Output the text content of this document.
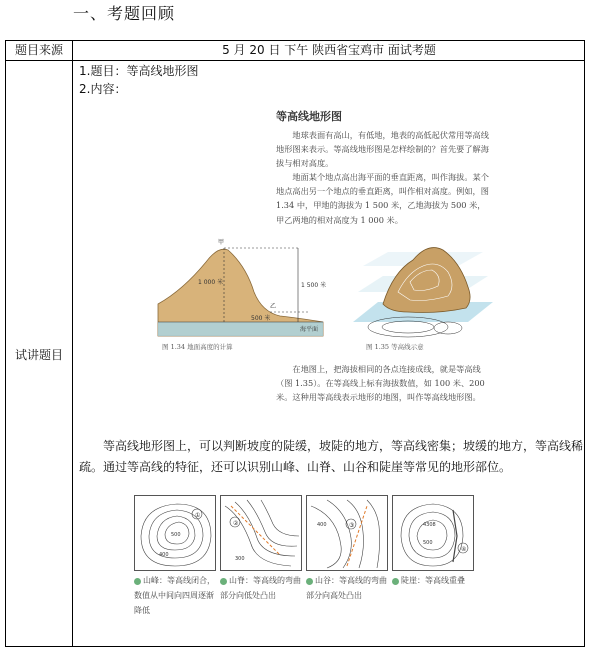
一、考题回顾
题目来源	5 月 20 日 下午 陕西省宝鸡市 面试考题
试讲题目
1.题目：等高线地形图
2.内容：
等高线地形图
地球表面有高山，有低地，地表的高低起伏常用等高线地形图来表示。等高线地形图是怎样绘制的？首先要了解海拔与相对高度。
地面某个地点高出海平面的垂直距离，叫作海拔。某个地点高出另一个地点的垂直距离，叫作相对高度。例如，图 1.34 中，甲地的海拔为 1 500 米，乙地海拔为 500 米，甲乙两地的相对高度为 1 000 米。
甲
乙
1 000 米	1 500 米
500 米
海平面
图 1.34 地面高度的计算	图 1.35 等高线示意
在地图上，把海拔相同的各点连接成线，就是等高线（图 1.35）。在等高线上标有海拔数值，如 100 米、200 米。这种用等高线表示地形的地图，叫作等高线地形图。
等高线地形图上，可以判断坡度的陡缓，坡陡的地方，等高线密集；坡缓的地方，等高线稀疏。通过等高线的特征，还可以识别山峰、山脊、山谷和陡崖等常见的地形部位。
①
500
400
②
300
③
400
④
4308
500
山峰：等高线闭合，数值从中间向四周逐渐降低
山脊：等高线的弯曲部分向低处凸出
山谷：等高线的弯曲部分向高处凸出
陡崖：等高线重叠
